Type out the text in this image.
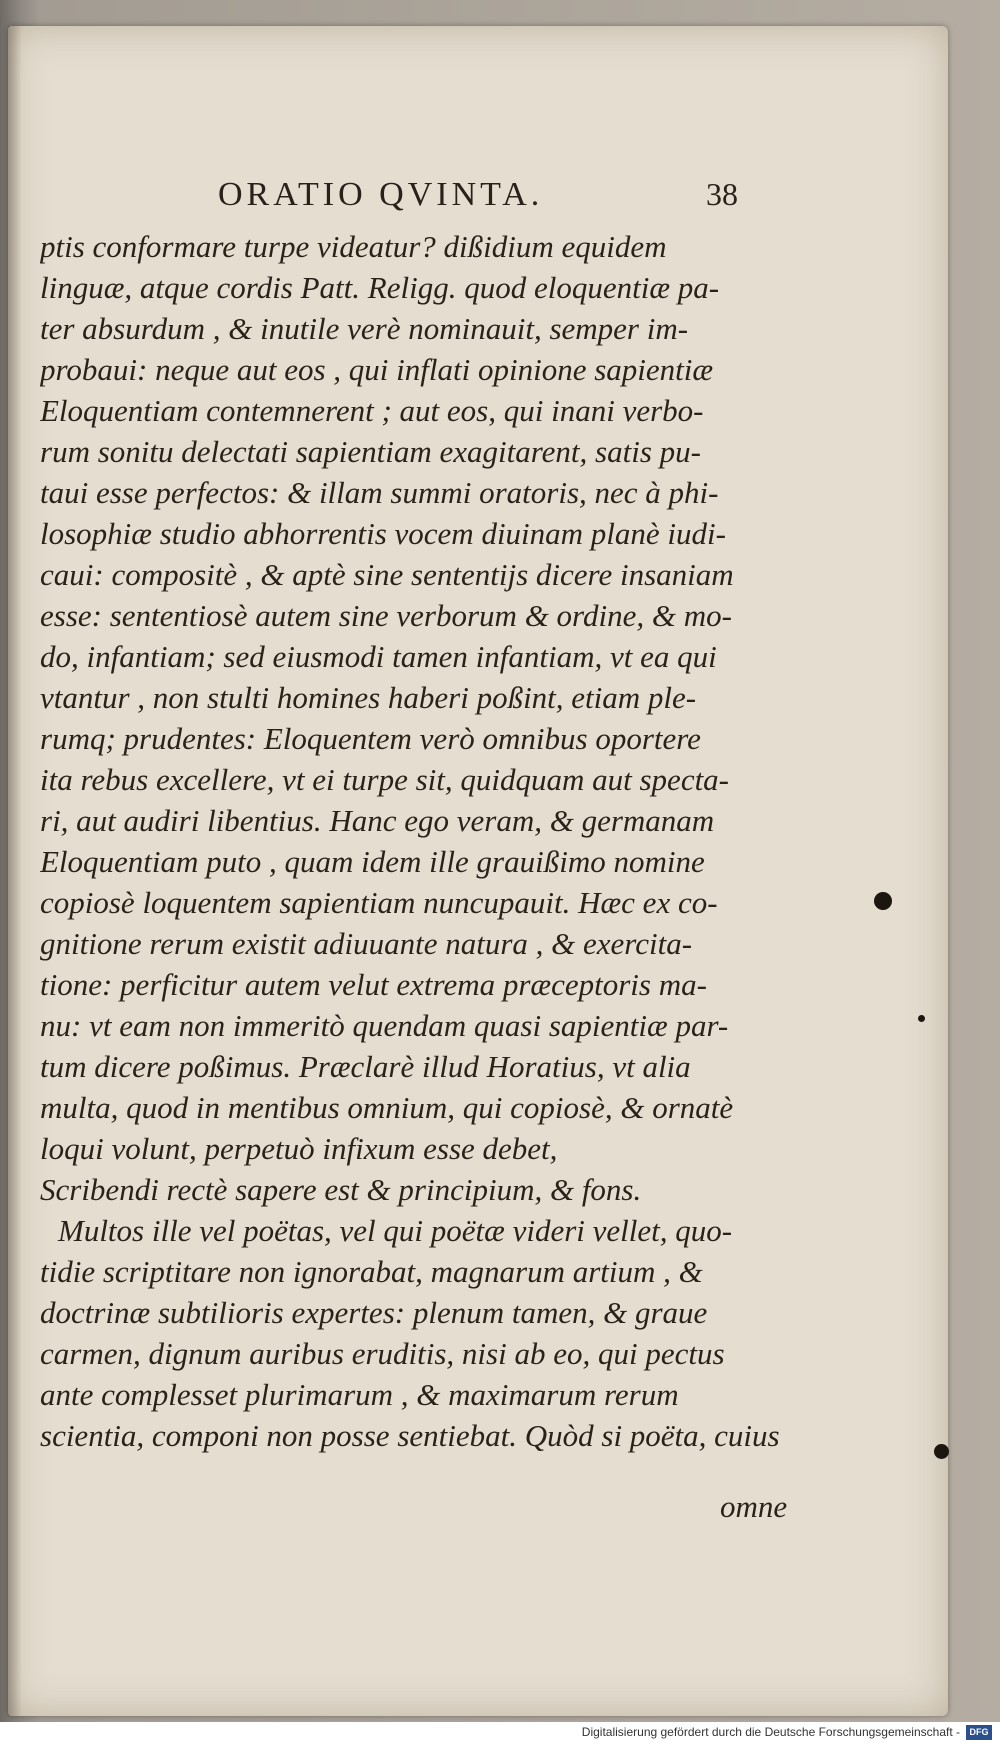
ORATIO QVINTA.	38
ptis conformare turpe videatur? dißidium equidem
linguæ, atque cordis Patt. Religg. quod eloquentiæ pa-
ter absurdum , & inutile verè nominauit, semper im-
probaui: neque aut eos , qui inflati opinione sapientiæ
Eloquentiam contemnerent ; aut eos, qui inani verbo-
rum sonitu delectati sapientiam exagitarent, satis pu-
taui esse perfectos: & illam summi oratoris, nec à phi-
losophiæ studio abhorrentis vocem diuinam planè iudi-
caui: compositè , & aptè sine sententijs dicere insaniam
esse: sententiosè autem sine verborum & ordine, & mo-
do, infantiam; sed eiusmodi tamen infantiam, vt ea qui
vtantur , non stulti homines haberi poßint, etiam ple-
rumq; prudentes: Eloquentem verò omnibus oportere
ita rebus excellere, vt ei turpe sit, quidquam aut specta-
ri, aut audiri libentius. Hanc ego veram, & germanam
Eloquentiam puto , quam idem ille grauißimo nomine
copiosè loquentem sapientiam nuncupauit. Hæc ex co-
gnitione rerum existit adiuuante natura , & exercita-
tione: perficitur autem velut extrema præceptoris ma-
nu: vt eam non immeritò quendam quasi sapientiæ par-
tum dicere poßimus. Præclarè illud Horatius, vt alia
multa, quod in mentibus omnium, qui copiosè, & ornatè
loqui volunt, perpetuò infixum esse debet,
Scribendi rectè sapere est & principium, & fons.
Multos ille vel poëtas, vel qui poëtæ videri vellet, quo-
tidie scriptitare non ignorabat, magnarum artium , &
doctrinæ subtilioris expertes: plenum tamen, & graue
carmen, dignum auribus eruditis, nisi ab eo, qui pectus
ante complesset plurimarum , & maximarum rerum
scientia, componi non posse sentiebat. Quòd si poëta, cuius
omne
Digitalisierung gefördert durch die Deutsche Forschungsgemeinschaft -	DFG
